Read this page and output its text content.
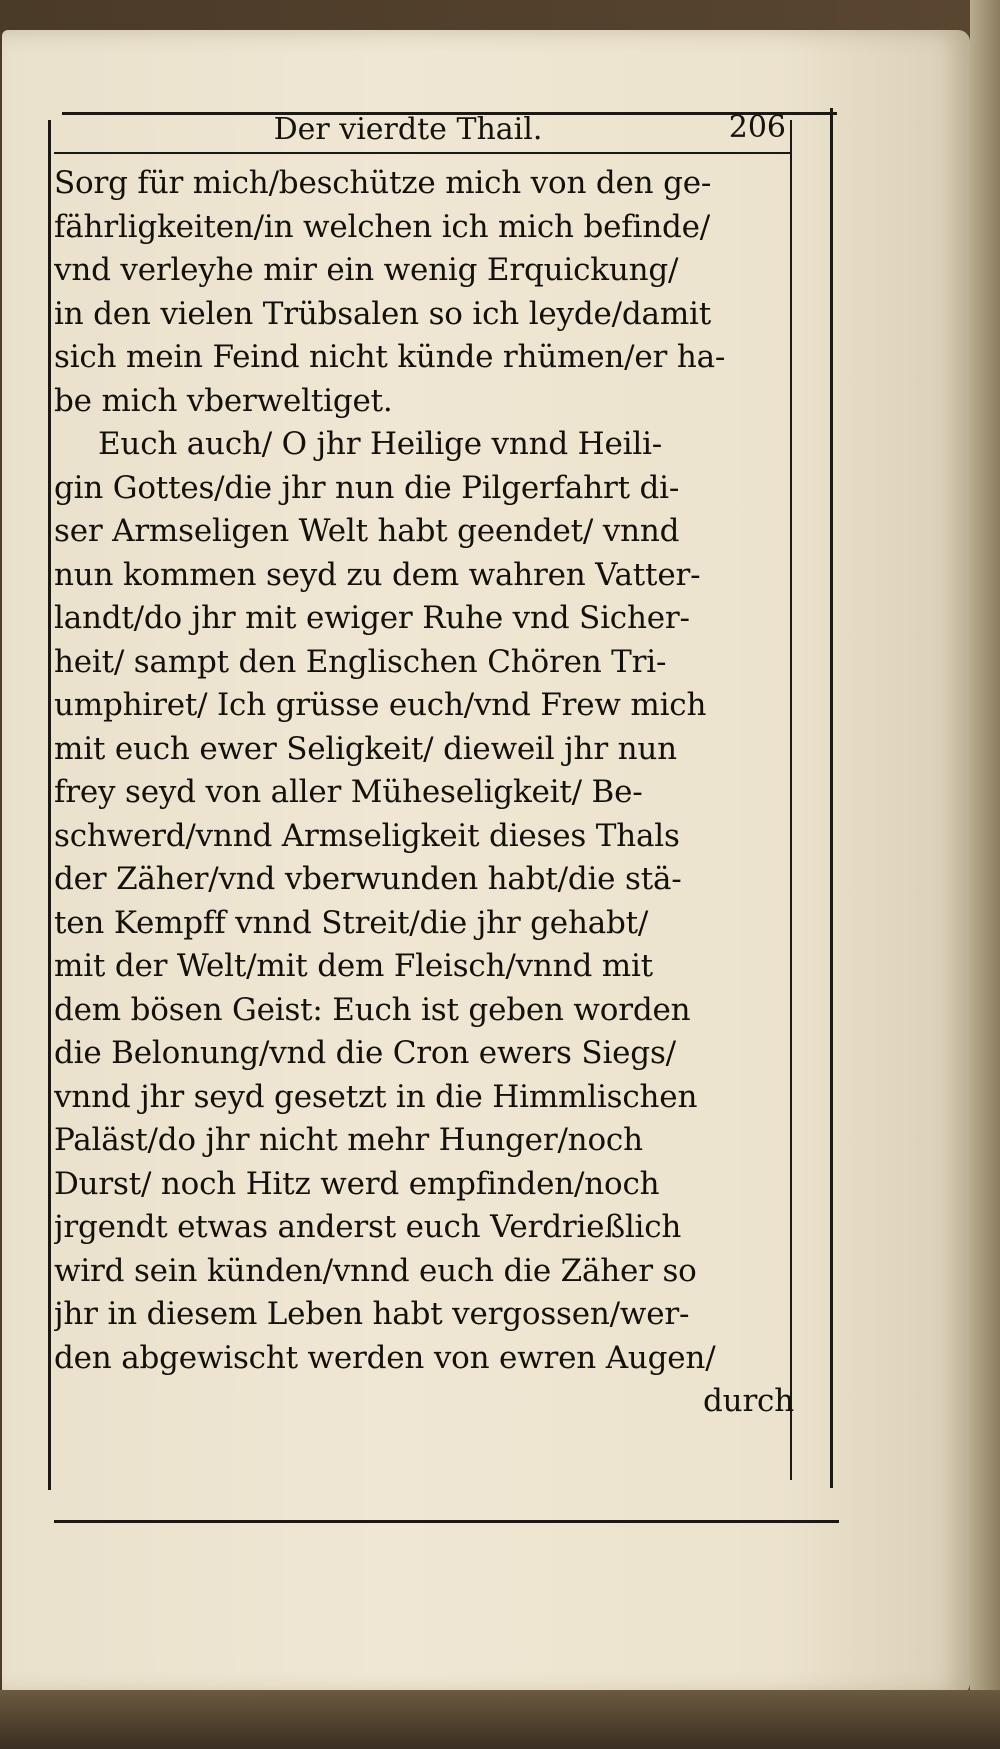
Der vierdte Thail.	206
Sorg für mich/beschütze mich von den ge-
fährligkeiten/in welchen ich mich befinde/
vnd verleyhe mir ein wenig Erquickung/
in den vielen Trübsalen so ich leyde/damit
sich mein Feind nicht künde rhümen/er ha-
be mich vberweltiget.
Euch auch/ O jhr Heilige vnnd Heili-
gin Gottes/die jhr nun die Pilgerfahrt di-
ser Armseligen Welt habt geendet/ vnnd
nun kommen seyd zu dem wahren Vatter-
landt/do jhr mit ewiger Ruhe vnd Sicher-
heit/ sampt den Englischen Chören Tri-
umphiret/ Ich grüsse euch/vnd Frew mich
mit euch ewer Seligkeit/ dieweil jhr nun
frey seyd von aller Müheseligkeit/ Be-
schwerd/vnnd Armseligkeit dieses Thals
der Zäher/vnd vberwunden habt/die stä-
ten Kempff vnnd Streit/die jhr gehabt/
mit der Welt/mit dem Fleisch/vnnd mit
dem bösen Geist: Euch ist geben worden
die Belonung/vnd die Cron ewers Siegs/
vnnd jhr seyd gesetzt in die Himmlischen
Paläst/do jhr nicht mehr Hunger/noch
Durst/ noch Hitz werd empfinden/noch
jrgendt etwas anderst euch Verdrießlich
wird sein künden/vnnd euch die Zäher so
jhr in diesem Leben habt vergossen/wer-
den abgewischt werden von ewren Augen/
durch
